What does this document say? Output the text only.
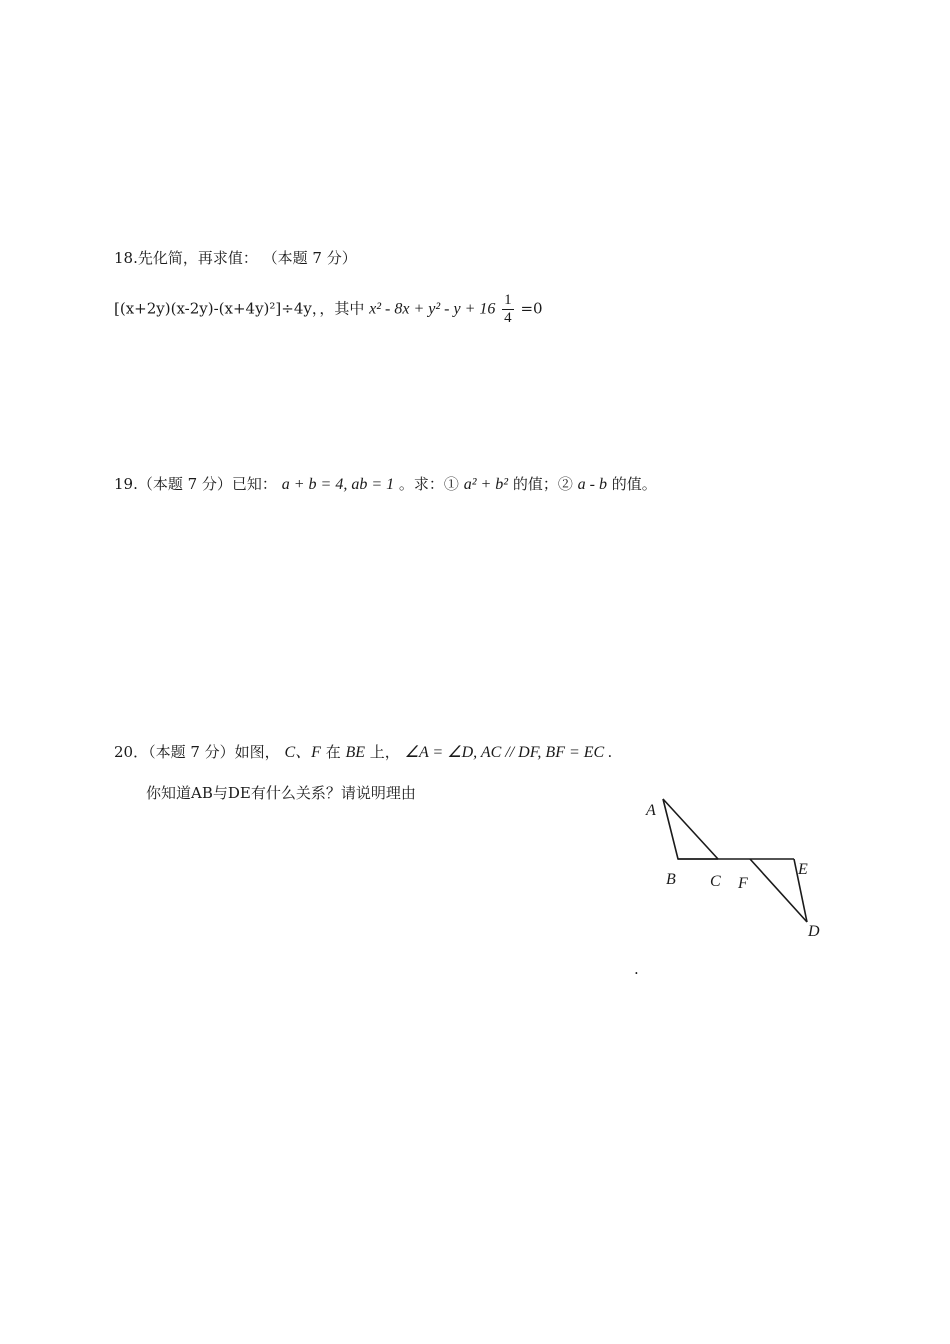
18.先化简，再求值： （本题 7 分）
[(x+2y)(x-2y)-(x+4y)²]÷4y，，其中 $x^2 - 8x + y^2 - y + 16 \frac{1}{4} =0$
19.（本题 7 分）已知： a + b = 4, ab = 1 。求：① a² + b² 的值；② a - b 的值。
20．（本题 7 分）如图， C、F 在 BE 上， ∠A = ∠D, AC // DF, BF = EC .
你知道AB与DE有什么关系？请说明理由
A
B C F
E
D
.
